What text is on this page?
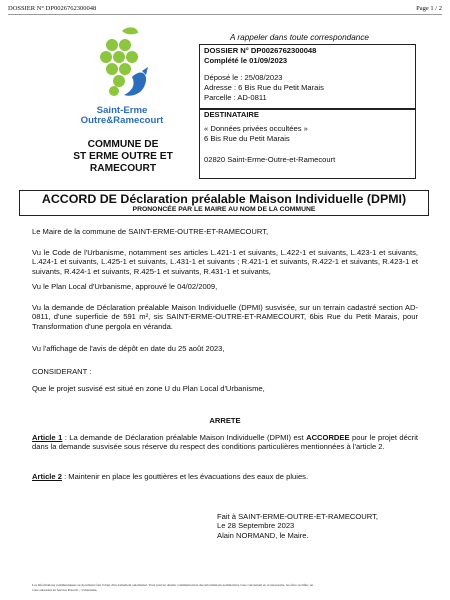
DOSSIER N° DP0026762300048	Page 1 / 2
A rappeler dans toute correspondance
Saint-Erme
Outre&Ramecourt
COMMUNE DE
ST ERME OUTRE ET
RAMECOURT
DOSSIER N° DP0026762300048
Complété le 01/09/2023
Déposé le : 25/08/2023
Adresse : 6 Bis Rue du Petit Marais
Parcelle : AD-0811
DESTINATAIRE
« Données privées occultées »
6 Bis Rue du Petit Marais
02820 Saint-Erme-Outre-et-Ramecourt
ACCORD DE Déclaration préalable Maison Individuelle (DPMI)
PRONONCÉE PAR LE MAIRE AU NOM DE LA COMMUNE
Le Maire de la commune de SAINT-ERME-OUTRE-ET-RAMECOURT,
Vu le Code de l'Urbanisme, notamment ses articles L.421-1 et suivants, L.422-1 et suivants, L.423-1 et suivants, L.424-1 et suivants, L.425-1 et suivants, L.431-1 et suivants ; R.421-1 et suivants, R.422-1 et suivants, R.423-1 et suivants, R.424-1 et suivants, R.425-1 et suivants, R.431-1 et suivants,
Vu le Plan Local d'Urbanisme, approuvé le 04/02/2009,
Vu la demande de Déclaration préalable Maison Individuelle (DPMI) susvisée, sur un terrain cadastré section AD-0811, d'une superficie de 591 m², sis SAINT-ERME-OUTRE-ET-RAMECOURT, 6bis Rue du Petit Marais, pour Transformation d'une pergola en véranda.
Vu l'affichage de l'avis de dépôt en date du 25 août 2023,
CONSIDERANT :
Que le projet susvisé est situé en zone U du Plan Local d'Urbanisme,
ARRETE
Article 1 : La demande de Déclaration préalable Maison Individuelle (DPMI) est ACCORDEE pour le projet décrit dans la demande susvisée sous réserve du respect des conditions particulières mentionnées à l'article 2.
Article 2 : Maintenir en place les gouttières et les évacuations des eaux de pluies.
Fait à SAINT-ERME-OUTRE-ET-RAMECOURT,
Le 28 Septembre 2023
Alain NORMAND, le Maire.
Les informations communiquées au document font l'objet d'un traitement automatisé. Vous pouvez obtenir communication des informations nominatives vous concernant et, si nécessaire, les faire rectifier, en
vous adressant au Service Prescrit – Urbanisme.
